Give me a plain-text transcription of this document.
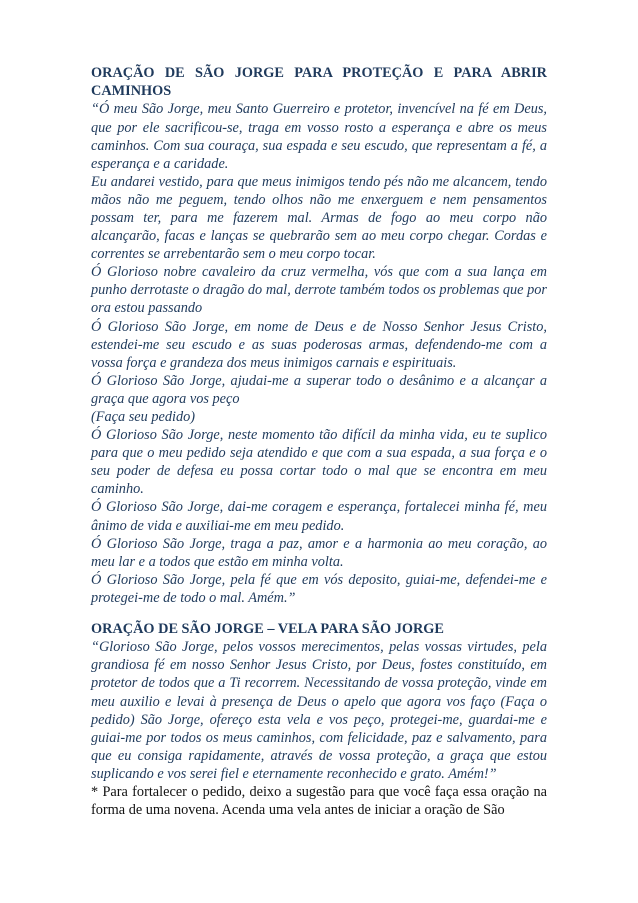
ORAÇÃO DE SÃO JORGE PARA PROTEÇÃO E PARA ABRIR CAMINHOS

“Ó meu São Jorge, meu Santo Guerreiro e protetor, invencível na fé em Deus, que por ele sacrificou-se, traga em vosso rosto a esperança e abre os meus caminhos. Com sua couraça, sua espada e seu escudo, que representam a fé, a esperança e a caridade.

Eu andarei vestido, para que meus inimigos tendo pés não me alcancem, tendo mãos não me peguem, tendo olhos não me enxerguem e nem pensamentos possam ter, para me fazerem mal. Armas de fogo ao meu corpo não alcançarão, facas e lanças se quebrarão sem ao meu corpo chegar. Cordas e correntes se arrebentarão sem o meu corpo tocar.

Ó Glorioso nobre cavaleiro da cruz vermelha, vós que com a sua lança em punho derrotaste o dragão do mal, derrote também todos os problemas que por ora estou passando

Ó Glorioso São Jorge, em nome de Deus e de Nosso Senhor Jesus Cristo, estendei-me seu escudo e as suas poderosas armas, defendendo-me com a vossa força e grandeza dos meus inimigos carnais e espirituais.

Ó Glorioso São Jorge, ajudai-me a superar todo o desânimo e a alcançar a graça que agora vos peço

(Faça seu pedido)

Ó Glorioso São Jorge, neste momento tão difícil da minha vida, eu te suplico para que o meu pedido seja atendido e que com a sua espada, a sua força e o seu poder de defesa eu possa cortar todo o mal que se encontra em meu caminho.

Ó Glorioso São Jorge, dai-me coragem e esperança, fortalecei minha fé, meu ânimo de vida e auxiliai-me em meu pedido.

Ó Glorioso São Jorge, traga a paz, amor e a harmonia ao meu coração, ao meu lar e a todos que estão em minha volta.

Ó Glorioso São Jorge, pela fé que em vós deposito, guiai-me, defendei-me e protegei-me de todo o mal. Amém.”

ORAÇÃO DE SÃO JORGE – VELA PARA SÃO JORGE

“Glorioso São Jorge, pelos vossos merecimentos, pelas vossas virtudes, pela grandiosa fé em nosso Senhor Jesus Cristo, por Deus, fostes constituído, em protetor de todos que a Ti recorrem. Necessitando de vossa proteção, vinde em meu auxilio e levai à presença de Deus o apelo que agora vos faço (Faça o pedido) São Jorge, ofereço esta vela e vos peço, protegei-me, guardai-me e guiai-me por todos os meus caminhos, com felicidade, paz e salvamento, para que eu consiga rapidamente, através de vossa proteção, a graça que estou suplicando e vos serei fiel e eternamente reconhecido e grato. Amém!”

* Para fortalecer o pedido, deixo a sugestão para que você faça essa oração na forma de uma novena. Acenda uma vela antes de iniciar a oração de São
